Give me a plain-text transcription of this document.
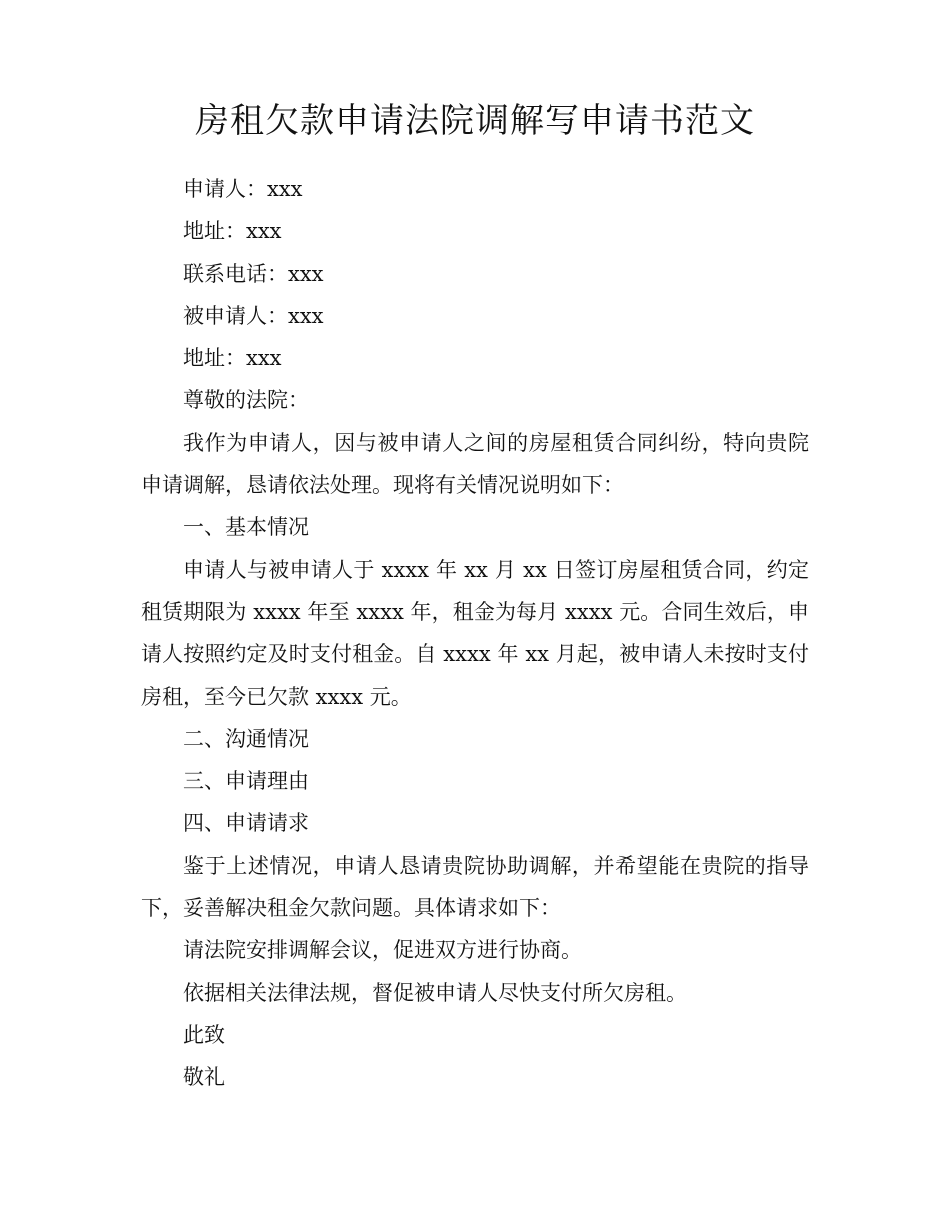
房租欠款申请法院调解写申请书范文

申请人：xxx

地址：xxx

联系电话：xxx

被申请人：xxx

地址：xxx

尊敬的法院：

我作为申请人，因与被申请人之间的房屋租赁合同纠纷，特向贵院申请调解，恳请依法处理。现将有关情况说明如下：

一、基本情况

申请人与被申请人于 xxxx 年 xx 月 xx 日签订房屋租赁合同，约定租赁期限为 xxxx 年至 xxxx 年，租金为每月 xxxx 元。合同生效后，申请人按照约定及时支付租金。自 xxxx 年 xx 月起，被申请人未按时支付房租，至今已欠款 xxxx 元。

二、沟通情况

三、申请理由

四、申请请求

鉴于上述情况，申请人恳请贵院协助调解，并希望能在贵院的指导下，妥善解决租金欠款问题。具体请求如下：

请法院安排调解会议，促进双方进行协商。

依据相关法律法规，督促被申请人尽快支付所欠房租。

此致

敬礼
